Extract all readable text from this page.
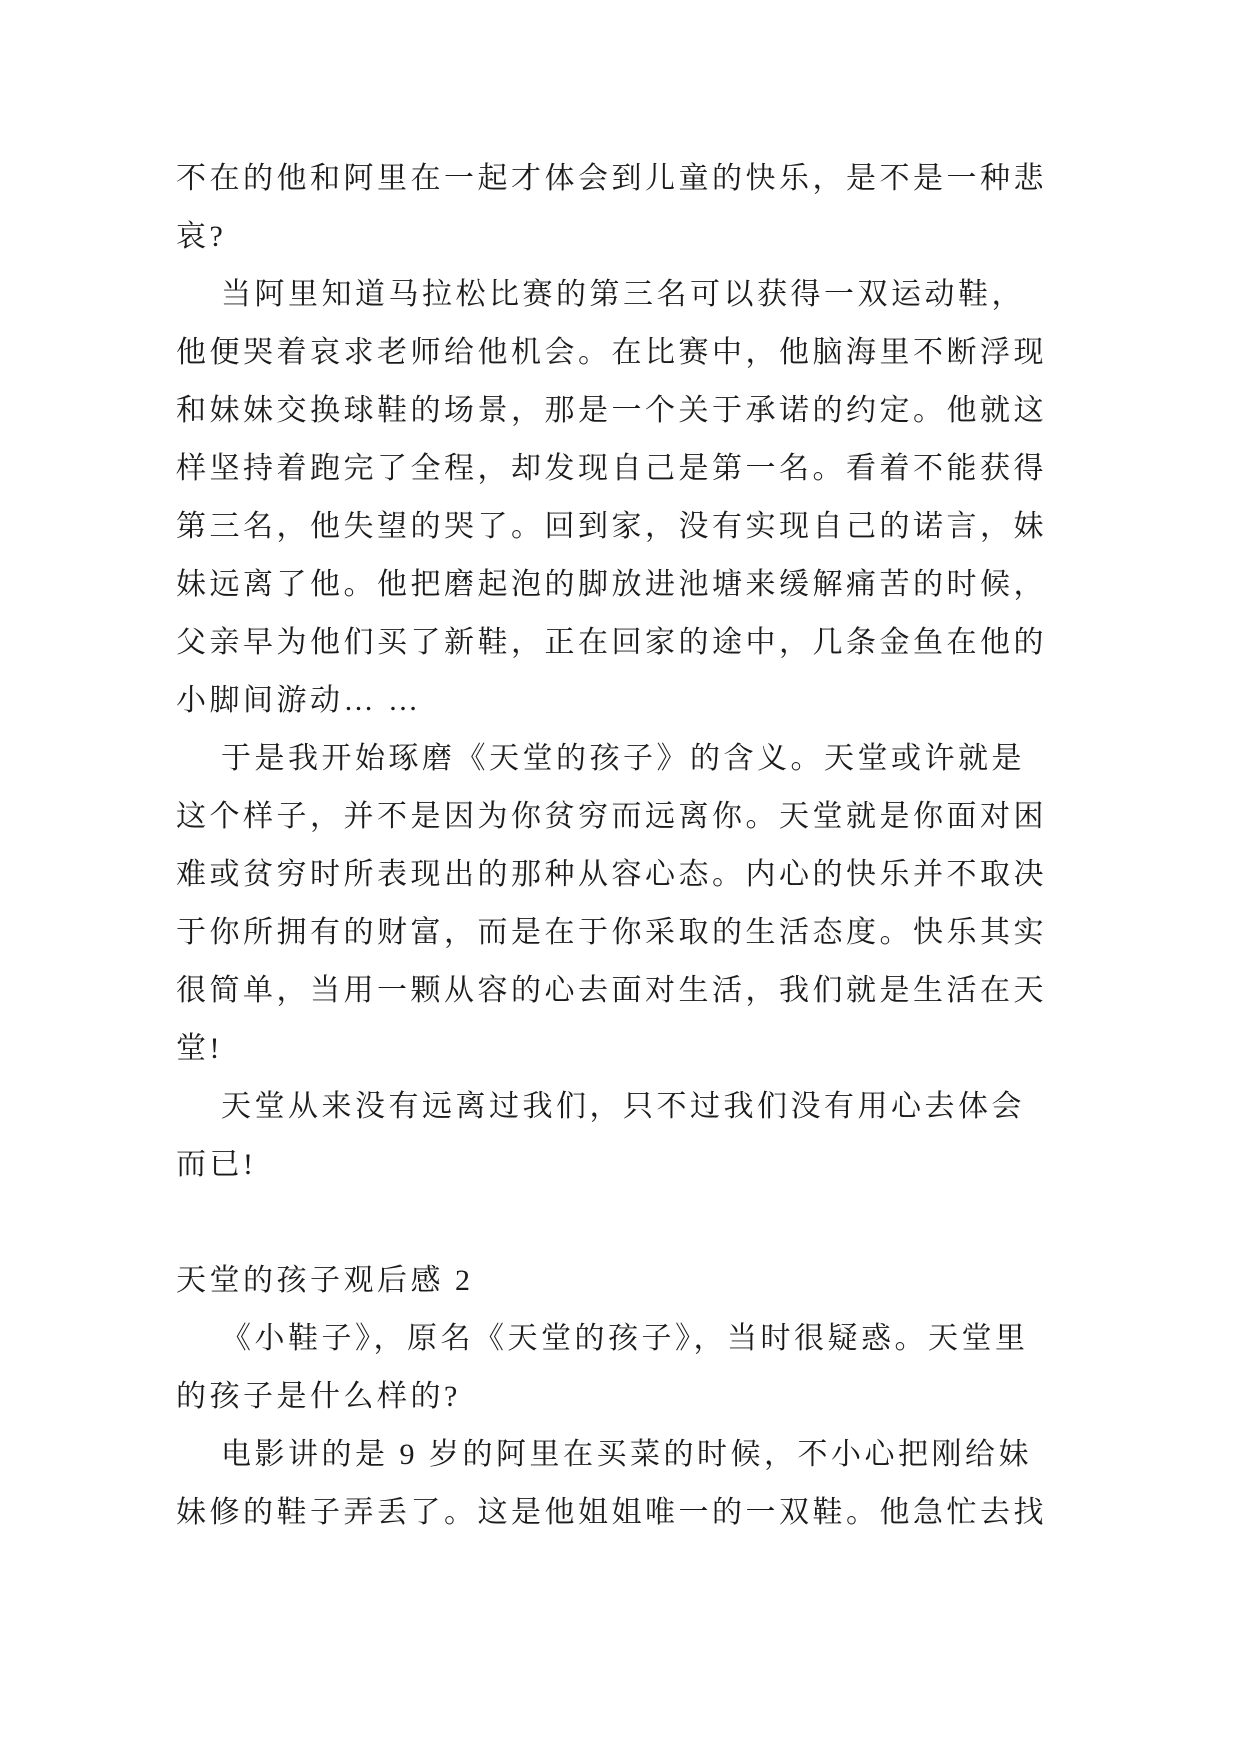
不在的他和阿里在一起才体会到儿童的快乐，是不是一种悲
哀?
当阿里知道马拉松比赛的第三名可以获得一双运动鞋，
他便哭着哀求老师给他机会。在比赛中，他脑海里不断浮现
和妹妹交换球鞋的场景，那是一个关于承诺的约定。他就这
样坚持着跑完了全程，却发现自己是第一名。看着不能获得
第三名，他失望的哭了。回到家，没有实现自己的诺言，妹
妹远离了他。他把磨起泡的脚放进池塘来缓解痛苦的时候，
父亲早为他们买了新鞋，正在回家的途中，几条金鱼在他的
小脚间游动… …
于是我开始琢磨《天堂的孩子》的含义。天堂或许就是
这个样子，并不是因为你贫穷而远离你。天堂就是你面对困
难或贫穷时所表现出的那种从容心态。内心的快乐并不取决
于你所拥有的财富，而是在于你采取的生活态度。快乐其实
很简单，当用一颗从容的心去面对生活，我们就是生活在天
堂!
天堂从来没有远离过我们，只不过我们没有用心去体会
而已!
天堂的孩子观后感 2
《小鞋子》，原名《天堂的孩子》，当时很疑惑。天堂里
的孩子是什么样的?
电影讲的是 9 岁的阿里在买菜的时候，不小心把刚给妹
妹修的鞋子弄丢了。这是他姐姐唯一的一双鞋。他急忙去找
